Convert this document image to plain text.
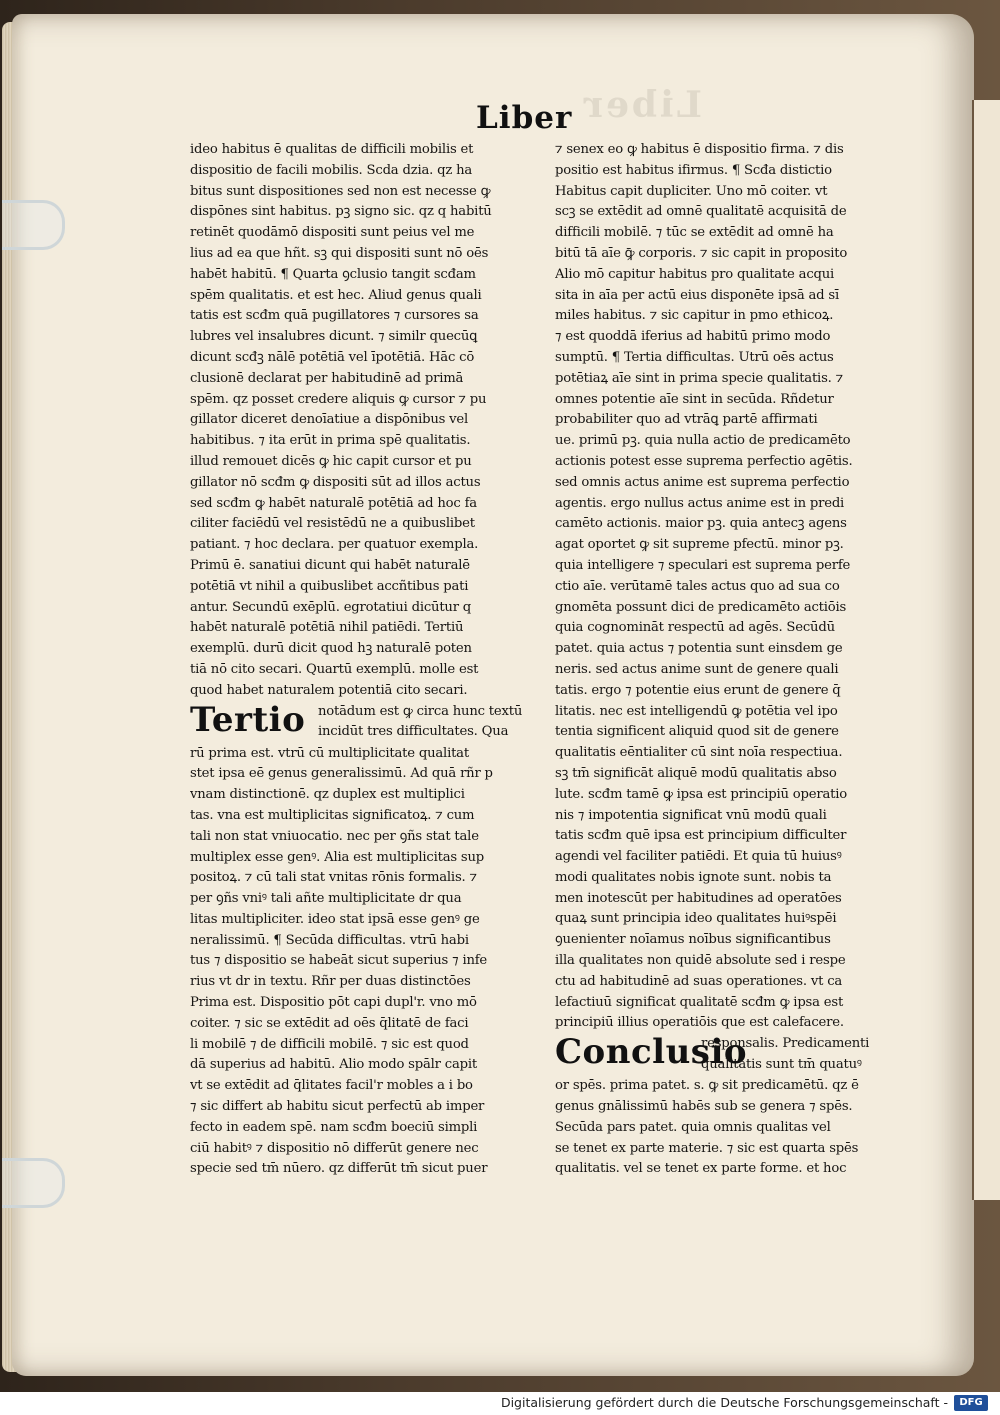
Liber
Liber
ideo habitus ē qualitas de difficili mobilis et
dispositio de facili mobilis. Scda dzia. qz ha
bitus sunt dispositiones sed non est necesse ꝙ
dispōnes sint habitus. pꝫ signo sic. qz q habitū
retinēt quodāmō dispositi sunt peius vel me
lius ad ea que hñt. sꝫ qui dispositi sunt nō oēs
habēt habitū. ¶ Quarta ꝯclusio tangit scđam
spēm qualitatis. et est hec. Aliud genus quali
tatis est scđm quā pugillatores ⁊ cursores sa
lubres vel insalubres dicunt. ⁊ similr quecūꝗ
dicunt scđꝫ nālē potētiā vel īpotētiā. Hāc cō
clusionē declarat per habitudinē ad primā
spēm. qz posset credere aliquis ꝙ cursor ⁊ pu
gillator diceret denoīatiue a dispōnibus vel
habitibus. ⁊ ita erūt in prima spē qualitatis.
illud remouet dicēs ꝙ hic capit cursor et pu
gillator nō scđm ꝙ dispositi sūt ad illos actus
sed scđm ꝙ habēt naturalē potētiā ad hoc fa
ciliter faciēdū vel resistēdū ne a quibuslibet
patiant. ⁊ hoc declara. per quatuor exempla.
Primū ē. sanatiui dicunt qui habēt naturalē
potētiā vt nihil a quibuslibet accñtibus pati
antur. Secundū exēplū. egrotatiui dicūtur q
habēt naturalē potētiā nihil patiēdi. Tertiū
exemplū. durū dicit quod hꝫ naturalē poten
tiā nō cito secari. Quartū exemplū. molle est
quod habet naturalem potentiā cito secari.
Tertio notādum est ꝙ circa hunc textū
incidūt tres difficultates. Qua
rū prima est. vtrū cū multiplicitate qualitat
stet ipsa eē genus generalissimū. Ad quā rñr p
vnam distinctionē. qz duplex est multiplici
tas. vna est multiplicitas significatoꝝ. ⁊ cum
tali non stat vniuocatio. nec per ꝯñs stat tale
multiplex esse genꝰ. Alia est multiplicitas sup
positoꝝ. ⁊ cū tali stat vnitas rōnis formalis. ⁊
per ꝯñs vniꝰ tali añte multiplicitate dr qua
litas multipliciter. ideo stat ipsā esse genꝰ ge
neralissimū. ¶ Secūda difficultas. vtrū habi
tus ⁊ dispositio se habeāt sicut superius ⁊ infe
rius vt dr in textu. Rñr per duas distinctōes
Prima est. Dispositio pōt capi dupl'r. vno mō
coiter. ⁊ sic se extēdit ad oēs q̄litatē de faci
li mobilē ⁊ de difficili mobilē. ⁊ sic est quod
dā superius ad habitū. Alio modo spālr capit
vt se extēdit ad q̄litates facil'r mobles a i bo
⁊ sic differt ab habitu sicut perfectū ab imper
fecto in eadem spē. nam scđm boeciū simpli
ciū habitꝰ ⁊ dispositio nō differūt genere nec
specie sed tm̄ nūero. qz differūt tm̄ sicut puer
⁊ senex eo ꝙ habitus ē dispositio firma. ⁊ dis
positio est habitus ifirmus. ¶ Scđa distictio
Habitus capit dupliciter. Uno mō coiter. vt
scꝫ se extēdit ad omnē qualitatē acquisitā de
difficili mobilē. ⁊ tūc se extēdit ad omnē ha
bitū tā aīe ꝙ̄ corporis. ⁊ sic capit in proposito
Alio mō capitur habitus pro qualitate acqui
sita in aīa per actū eius disponēte ipsā ad sī
miles habitus. ⁊ sic capitur in pmo ethicoꝝ.
⁊ est quoddā iferius ad habitū primo modo
sumptū. ¶ Tertia difficultas. Utrū oēs actus
potētiaꝝ aīe sint in prima specie qualitatis. ⁊
omnes potentie aīe sint in secūda. Rñdetur
probabiliter quo ad vtrāꝗ partē affirmati
ue. primū pꝫ. quia nulla actio de predicamēto
actionis potest esse suprema perfectio agētis.
sed omnis actus anime est suprema perfectio
agentis. ergo nullus actus anime est in predi
camēto actionis. maior pꝫ. quia antecꝫ agens
agat oportet ꝙ sit supreme pfectū. minor pꝫ.
quia intelligere ⁊ speculari est suprema perfe
ctio aīe. verūtamē tales actus quo ad sua co
gnomēta possunt dici de predicamēto actiōis
quia cognomināt respectū ad agēs. Secūdū
patet. quia actus ⁊ potentia sunt einsdem ge
neris. sed actus anime sunt de genere quali
tatis. ergo ⁊ potentie eius erunt de genere q̄
litatis. nec est intelligendū ꝙ potētia vel ipo
tentia significent aliquid quod sit de genere
qualitatis eēntialiter cū sint noīa respectiua.
sꝫ tm̄ significāt aliquē modū qualitatis abso
lute. scđm tamē ꝙ ipsa est principiū operatio
nis ⁊ impotentia significat vnū modū quali
tatis scđm quē ipsa est principium difficulter
agendi vel faciliter patiēdi. Et quia tū huiusꝰ
modi qualitates nobis ignote sunt. nobis ta
men inotescūt per habitudines ad operatōes
quaꝝ sunt principia ideo qualitates huiꝰspēi
ꝯuenienter noīamus noībus significantibus
illa qualitates non quidē absolute sed i respe
ctu ad habitudinē ad suas operationes. vt ca
lefactiuū significat qualitatē scđm ꝙ ipsa est
principiū illius operatiōis que est calefacere.
Conclusio
responsalis. Predicamenti
qualitatis sunt tm̄ quatuꝰ
or spēs. prima patet. s. ꝙ sit predicamētū. qz ē
genus gnālissimū habēs sub se genera ⁊ spēs.
Secūda pars patet. quia omnis qualitas vel
se tenet ex parte materie. ⁊ sic est quarta spēs
qualitatis. vel se tenet ex parte forme. et hoc
Digitalisierung gefördert durch die Deutsche Forschungsgemeinschaft -	DFG
